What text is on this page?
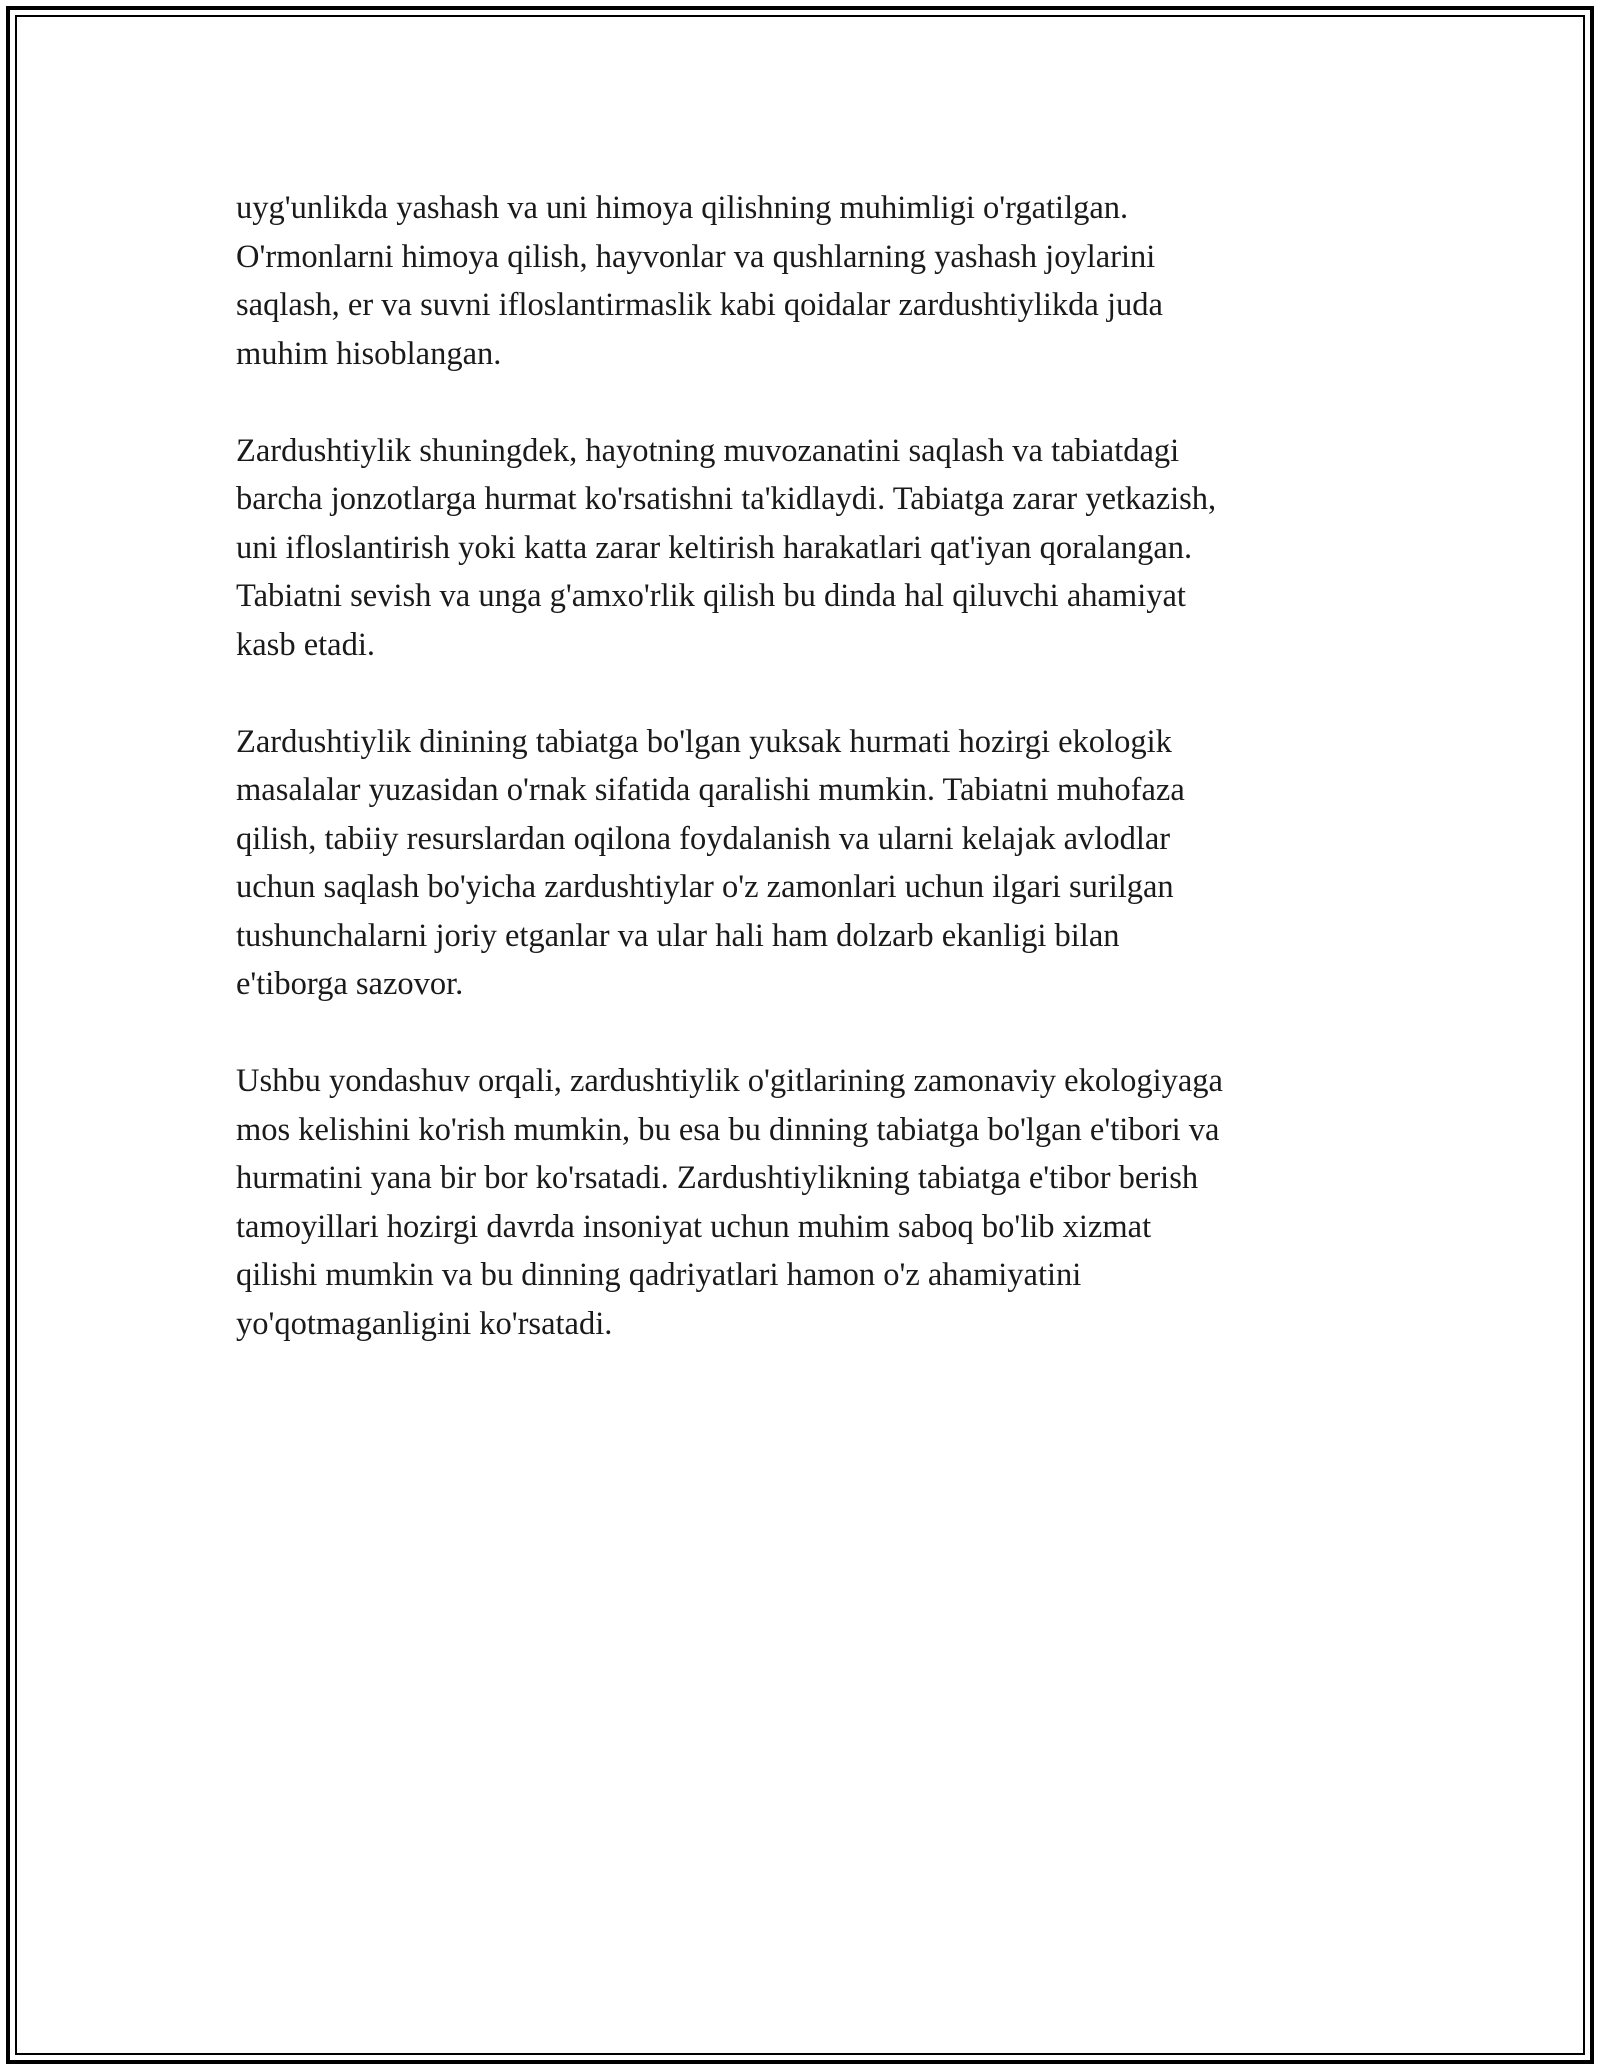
uyg'unlikda yashash va uni himoya qilishning muhimligi o'rgatilgan.
O'rmonlarni himoya qilish, hayvonlar va qushlarning yashash joylarini
saqlash, er va suvni ifloslantirmaslik kabi qoidalar zardushtiylikda juda
muhim hisoblangan.

Zardushtiylik shuningdek, hayotning muvozanatini saqlash va tabiatdagi
barcha jonzotlarga hurmat ko'rsatishni ta'kidlaydi. Tabiatga zarar yetkazish,
uni ifloslantirish yoki katta zarar keltirish harakatlari qat'iyan qoralangan.
Tabiatni sevish va unga g'amxo'rlik qilish bu dinda hal qiluvchi ahamiyat
kasb etadi.

Zardushtiylik dinining tabiatga bo'lgan yuksak hurmati hozirgi ekologik
masalalar yuzasidan o'rnak sifatida qaralishi mumkin. Tabiatni muhofaza
qilish, tabiiy resurslardan oqilona foydalanish va ularni kelajak avlodlar
uchun saqlash bo'yicha zardushtiylar o'z zamonlari uchun ilgari surilgan
tushunchalarni joriy etganlar va ular hali ham dolzarb ekanligi bilan
e'tiborga sazovor.

Ushbu yondashuv orqali, zardushtiylik o'gitlarining zamonaviy ekologiyaga
mos kelishini ko'rish mumkin, bu esa bu dinning tabiatga bo'lgan e'tibori va
hurmatini yana bir bor ko'rsatadi. Zardushtiylikning tabiatga e'tibor berish
tamoyillari hozirgi davrda insoniyat uchun muhim saboq bo'lib xizmat
qilishi mumkin va bu dinning qadriyatlari hamon o'z ahamiyatini
yo'qotmaganligini ko'rsatadi.
